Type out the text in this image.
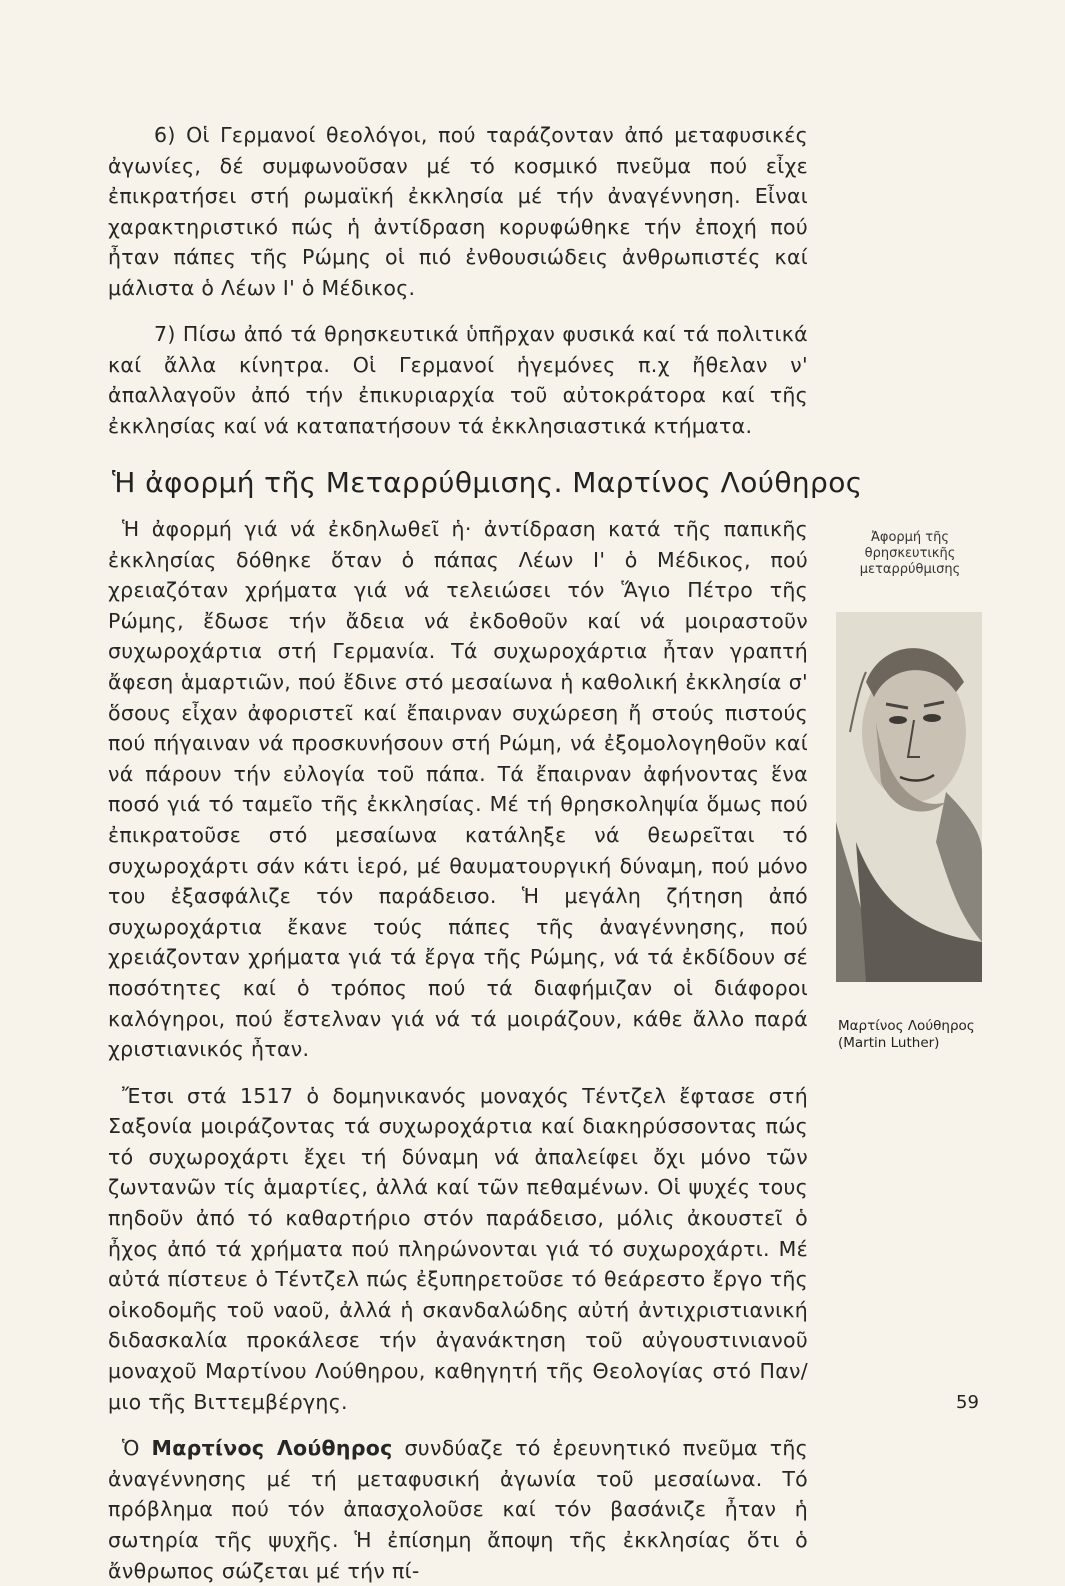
6) Οἱ Γερμανοί θεολόγοι, πού ταράζονταν ἀπό μεταφυσικές ἀγωνίες, δέ συμφωνοῦσαν μέ τό κοσμικό πνεῦμα πού εἶχε ἐπικρατήσει στή ρωμαϊκή ἐκκλησία μέ τήν ἀναγέννηση. Εἶναι χαρακτηριστικό πώς ἡ ἀντίδραση κορυφώθηκε τήν ἐποχή πού ἦταν πάπες τῆς Ρώμης οἱ πιό ἐνθουσιώδεις ἀνθρωπιστές καί μάλιστα ὁ Λέων Ι' ὁ Μέδικος.

7) Πίσω ἀπό τά θρησκευτικά ὑπῆρχαν φυσικά καί τά πολιτικά καί ἄλλα κίνητρα. Οἱ Γερμανοί ἡγεμόνες π.χ ἤθελαν ν' ἀπαλλαγοῦν ἀπό τήν ἐπικυριαρχία τοῦ αὐτοκράτορα καί τῆς ἐκκλησίας καί νά καταπατήσουν τά ἐκκλησιαστικά κτήματα.

Ἡ ἀφορμή τῆς Μεταρρύθμισης. Μαρτίνος Λούθηρος

Ἡ ἀφορμή γιά νά ἐκδηλωθεῖ ἡ· ἀντίδραση κατά τῆς παπικῆς ἐκκλησίας δόθηκε ὅταν ὁ πάπας Λέων Ι' ὁ Μέδικος, πού χρειαζόταν χρήματα γιά νά τελειώσει τόν Ἅγιο Πέτρο τῆς Ρώμης, ἔδωσε τήν ἄδεια νά ἐκδοθοῦν καί νά μοιραστοῦν συχωροχάρτια στή Γερμανία. Τά συχωροχάρτια ἦταν γραπτή ἄφεση ἁμαρτιῶν, πού ἔδινε στό μεσαίωνα ἡ καθολική ἐκκλησία σ' ὅσους εἶχαν ἀφοριστεῖ καί ἔπαιρναν συχώρεση ἤ στούς πιστούς πού πήγαιναν νά προσκυνήσουν στή Ρώμη, νά ἐξομολογηθοῦν καί νά πάρουν τήν εὐλογία τοῦ πάπα. Τά ἔπαιρναν ἀφήνοντας ἕνα ποσό γιά τό ταμεῖο τῆς ἐκκλησίας. Μέ τή θρησκοληψία ὅμως πού ἐπικρατοῦσε στό μεσαίωνα κατάληξε νά θεωρεῖται τό συχωροχάρτι σάν κάτι ἱερό, μέ θαυματουργική δύναμη, πού μόνο του ἐξασφάλιζε τόν παράδεισο. Ἡ μεγάλη ζήτηση ἀπό συχωροχάρτια ἔκανε τούς πάπες τῆς ἀναγέννησης, πού χρειάζονταν χρήματα γιά τά ἔργα τῆς Ρώμης, νά τά ἐκδίδουν σέ ποσότητες καί ὁ τρόπος πού τά διαφήμιζαν οἱ διάφοροι καλόγηροι, πού ἔστελναν γιά νά τά μοιράζουν, κάθε ἄλλο παρά χριστιανικός ἦταν.

Ἔτσι στά 1517 ὁ δομηνικανός μοναχός Τέντζελ ἔφτασε στή Σαξονία μοιράζοντας τά συχωροχάρτια καί διακηρύσσοντας πώς τό συχωροχάρτι ἔχει τή δύναμη νά ἀπαλείφει ὄχι μόνο τῶν ζωντανῶν τίς ἁμαρτίες, ἀλλά καί τῶν πεθαμένων. Οἱ ψυχές τους πηδοῦν ἀπό τό καθαρτήριο στόν παράδεισο, μόλις ἀκουστεῖ ὁ ἦχος ἀπό τά χρήματα πού πληρώνονται γιά τό συχωροχάρτι. Μέ αὐτά πίστευε ὁ Τέντζελ πώς ἐξυπηρετοῦσε τό θεάρεστο ἔργο τῆς οἰκοδομῆς τοῦ ναοῦ, ἀλλά ἡ σκανδαλώδης αὐτή ἀντιχριστιανική διδασκαλία προκάλεσε τήν ἀγανάκτηση τοῦ αὐγουστινιανοῦ μοναχοῦ Μαρτίνου Λούθηρου, καθηγητή τῆς Θεολογίας στό Παν/μιο τῆς Βιττεμβέργης.

Ὁ Μαρτίνος Λούθηρος συνδύαζε τό ἐρευνητικό πνεῦμα τῆς ἀναγέννησης μέ τή μεταφυσική ἀγωνία τοῦ μεσαίωνα. Τό πρόβλημα πού τόν ἀπασχολοῦσε καί τόν βασάνιζε ἦταν ἡ σωτηρία τῆς ψυχῆς. Ἡ ἐπίσημη ἄποψη τῆς ἐκκλησίας ὅτι ὁ ἄνθρωπος σώζεται μέ τήν πί-

Ἀφορμή τῆς θρησκευτικῆς μεταρρύθμισης
Μαρτίνος Λούθηρος
(Martin Luther)
59
